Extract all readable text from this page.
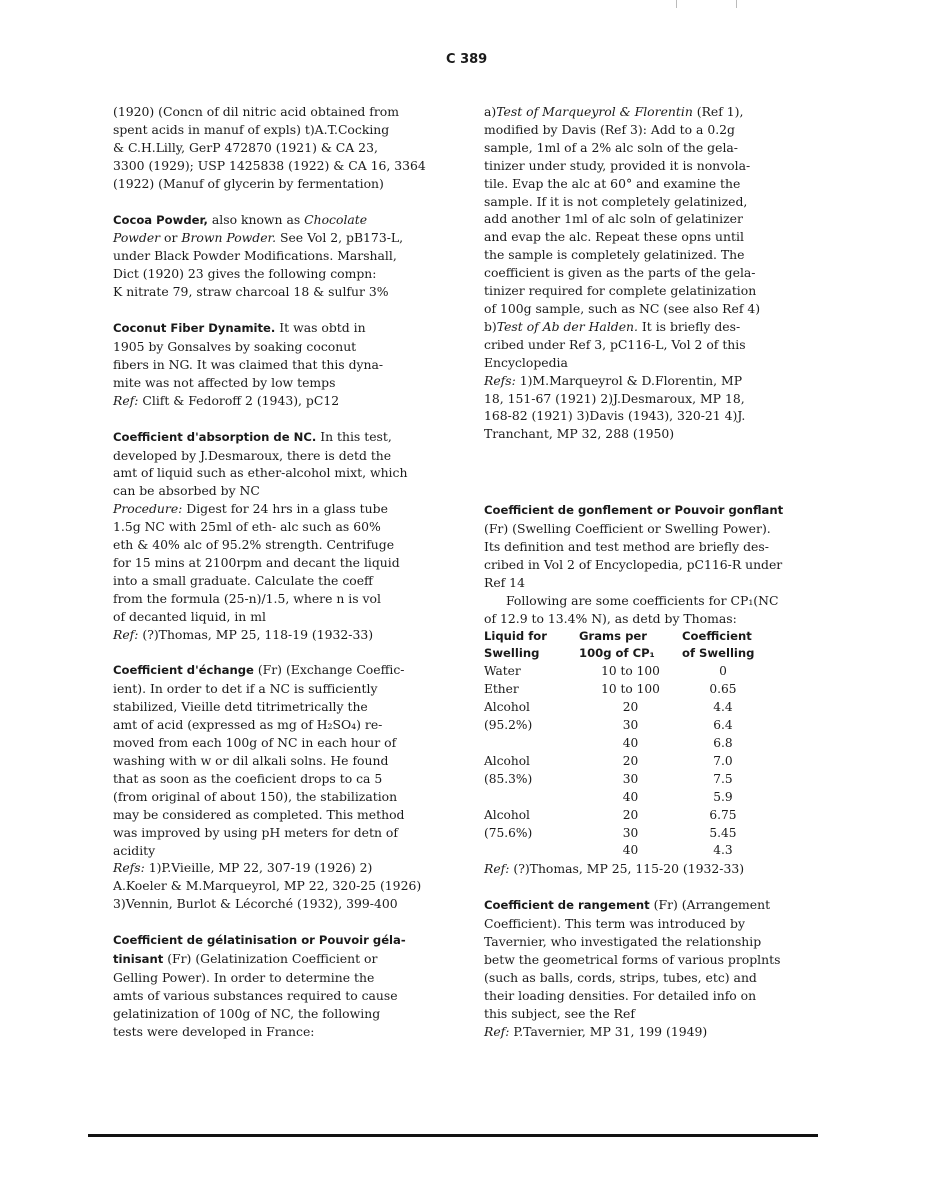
C 389
(1920) (Concn of dil nitric acid obtained from
spent acids in manuf of expls) t)A.T.Cocking
& C.H.Lilly, GerP 472870 (1921) & CA 23,
3300 (1929); USP 1425838 (1922) & CA 16, 3364
(1922) (Manuf of glycerin by fermentation)
Cocoa Powder, also known as Chocolate
Powder or Brown Powder. See Vol 2, pB173-L,
under Black Powder Modifications. Marshall,
Dict (1920) 23 gives the following compn:
K nitrate 79, straw charcoal 18 & sulfur 3%
Coconut Fiber Dynamite. It was obtd in
1905 by Gonsalves by soaking coconut
fibers in NG. It was claimed that this dyna-
mite was not affected by low temps
Ref: Clift & Fedoroff 2 (1943), pC12
Coefficient d'absorption de NC. In this test,
developed by J.Desmaroux, there is detd the
amt of liquid such as ether-alcohol mixt, which
can be absorbed by NC
Procedure: Digest for 24 hrs in a glass tube
1.5g NC with 25ml of eth- alc such as 60%
eth & 40% alc of 95.2% strength. Centrifuge
for 15 mins at 2100rpm and decant the liquid
into a small graduate. Calculate the coeff
from the formula (25-n)/1.5, where n is vol
of decanted liquid, in ml
Ref: (?)Thomas, MP 25, 118-19 (1932-33)
Coefficient d'échange (Fr) (Exchange Coeffic-
ient). In order to det if a NC is sufficiently
stabilized, Vieille detd titrimetrically the
amt of acid (expressed as mg of H₂SO₄) re-
moved from each 100g of NC in each hour of
washing with w or dil alkali solns. He found
that as soon as the coeficient drops to ca 5
(from original of about 150), the stabilization
may be considered as completed. This method
was improved by using pH meters for detn of
acidity
Refs: 1)P.Vieille, MP 22, 307-19 (1926) 2)
A.Koeler & M.Marqueyrol, MP 22, 320-25 (1926)
3)Vennin, Burlot & Lécorché (1932), 399-400
Coefficient de gélatinisation or Pouvoir géla-
tinisant (Fr) (Gelatinization Coefficient or
Gelling Power). In order to determine the
amts of various substances required to cause
gelatinization of 100g of NC, the following
tests were developed in France:
a)Test of Marqueyrol & Florentin (Ref 1),
modified by Davis (Ref 3): Add to a 0.2g
sample, 1ml of a 2% alc soln of the gela-
tinizer under study, provided it is nonvola-
tile. Evap the alc at 60° and examine the
sample. If it is not completely gelatinized,
add another 1ml of alc soln of gelatinizer
and evap the alc. Repeat these opns until
the sample is completely gelatinized. The
coefficient is given as the parts of the gela-
tinizer required for complete gelatinization
of 100g sample, such as NC (see also Ref 4)
b)Test of Ab der Halden. It is briefly des-
cribed under Ref 3, pC116-L, Vol 2 of this
Encyclopedia
Refs: 1)M.Marqueyrol & D.Florentin, MP
18, 151-67 (1921) 2)J.Desmaroux, MP 18,
168-82 (1921) 3)Davis (1943), 320-21 4)J.
Tranchant, MP 32, 288 (1950)
Coefficient de gonflement or Pouvoir gonflant
(Fr) (Swelling Coefficient or Swelling Power).
Its definition and test method are briefly des-
cribed in Vol 2 of Encyclopedia, pC116-R under
Ref 14
Following are some coefficients for CP₁(NC
of 12.9 to 13.4% N), as detd by Thomas:
Liquid for	Grams per	Coefficient
Swelling	100g of CP₁	of Swelling
Water	10 to 100	0
Ether	10 to 100	0.65
Alcohol	20	4.4
(95.2%)	30	6.4
	40	6.8
Alcohol	20	7.0
(85.3%)	30	7.5
	40	5.9
Alcohol	20	6.75
(75.6%)	30	5.45
	40	4.3
Ref: (?)Thomas, MP 25, 115-20 (1932-33)
Coefficient de rangement (Fr) (Arrangement
Coefficient). This term was introduced by
Tavernier, who investigated the relationship
betw the geometrical forms of various proplnts
(such as balls, cords, strips, tubes, etc) and
their loading densities. For detailed info on
this subject, see the Ref
Ref: P.Tavernier, MP 31, 199 (1949)
